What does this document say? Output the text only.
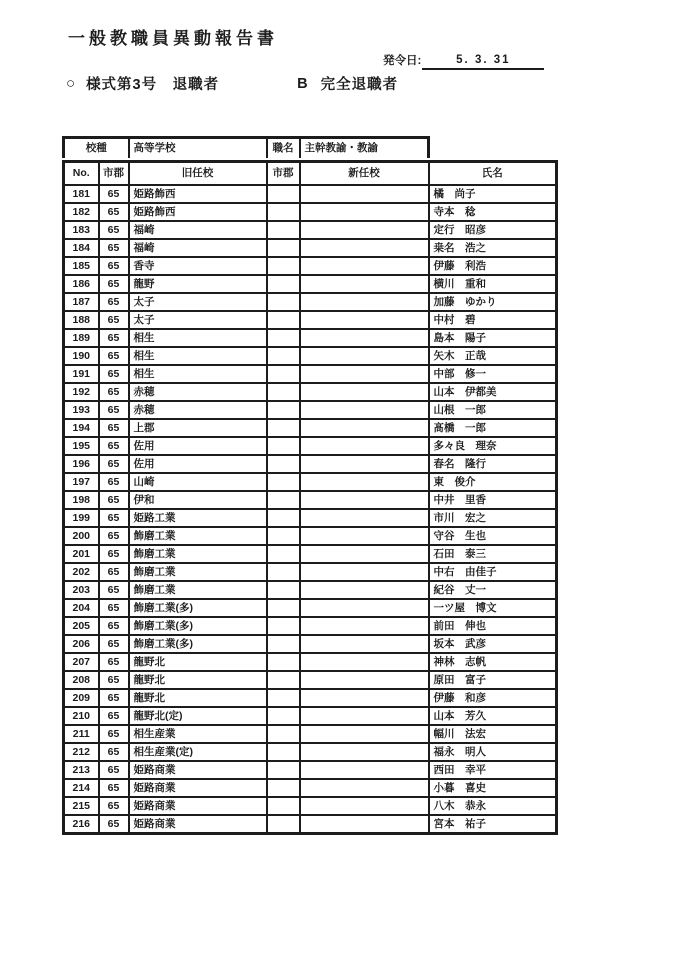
一般教職員異動報告書
発令日:	5. 3. 31
○ 様式第3号　退職者	B 完全退職者
校種	高等学校	職名	主幹教諭・教諭
No.	市郡	旧任校	市郡	新任校	氏名
181	65	姫路飾西			橘　尚子
182	65	姫路飾西			寺本　稔
183	65	福崎			定行　昭彦
184	65	福崎			桒名　浩之
185	65	香寺			伊藤　利浩
186	65	龍野			横川　重和
187	65	太子			加藤　ゆかり
188	65	太子			中村　碧
189	65	相生			島本　陽子
190	65	相生			矢木　正哉
191	65	相生			中部　修一
192	65	赤穂			山本　伊都美
193	65	赤穂			山根　一郎
194	65	上郡			髙橋　一郎
195	65	佐用			多々良　理奈
196	65	佐用			春名　隆行
197	65	山崎			東　俊介
198	65	伊和			中井　里香
199	65	姫路工業			市川　宏之
200	65	飾磨工業			守谷　生也
201	65	飾磨工業			石田　泰三
202	65	飾磨工業			中右　由佳子
203	65	飾磨工業			紀谷　丈一
204	65	飾磨工業(多)			一ツ屋　博文
205	65	飾磨工業(多)			前田　伸也
206	65	飾磨工業(多)			坂本　武彦
207	65	龍野北			神林　志帆
208	65	龍野北			原田　富子
209	65	龍野北			伊藤　和彦
210	65	龍野北(定)			山本　芳久
211	65	相生産業			幅川　法宏
212	65	相生産業(定)			福永　明人
213	65	姫路商業			西田　幸平
214	65	姫路商業			小暮　喜史
215	65	姫路商業			八木　恭永
216	65	姫路商業			宮本　祐子
